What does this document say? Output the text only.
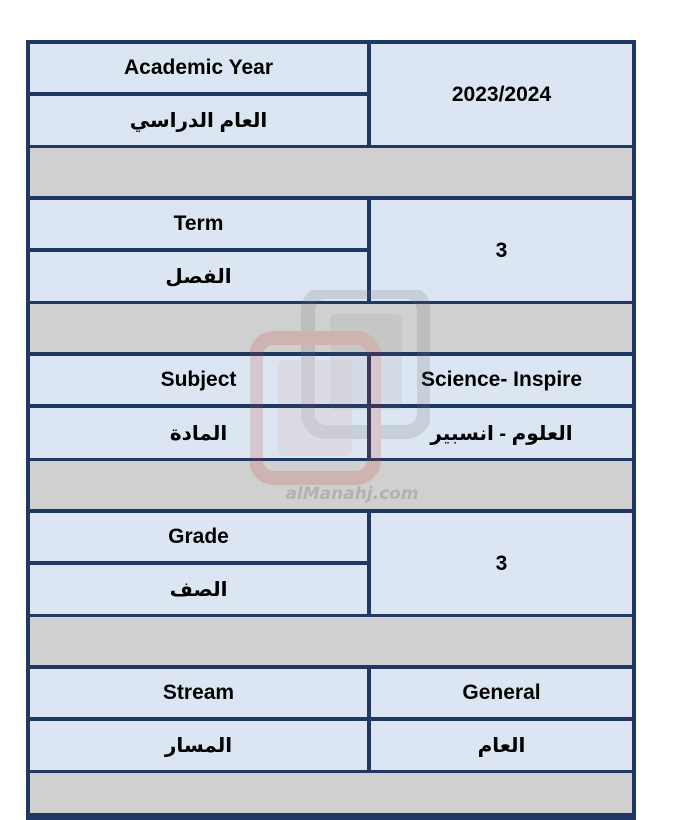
Academic Year
العام الدراسي
2023/2024
Term
الفصل
3
Subject
المادة
Science- Inspire
العلوم - انسبير
Grade
الصف
3
Stream
المسار
General
العام
alManahj.com
